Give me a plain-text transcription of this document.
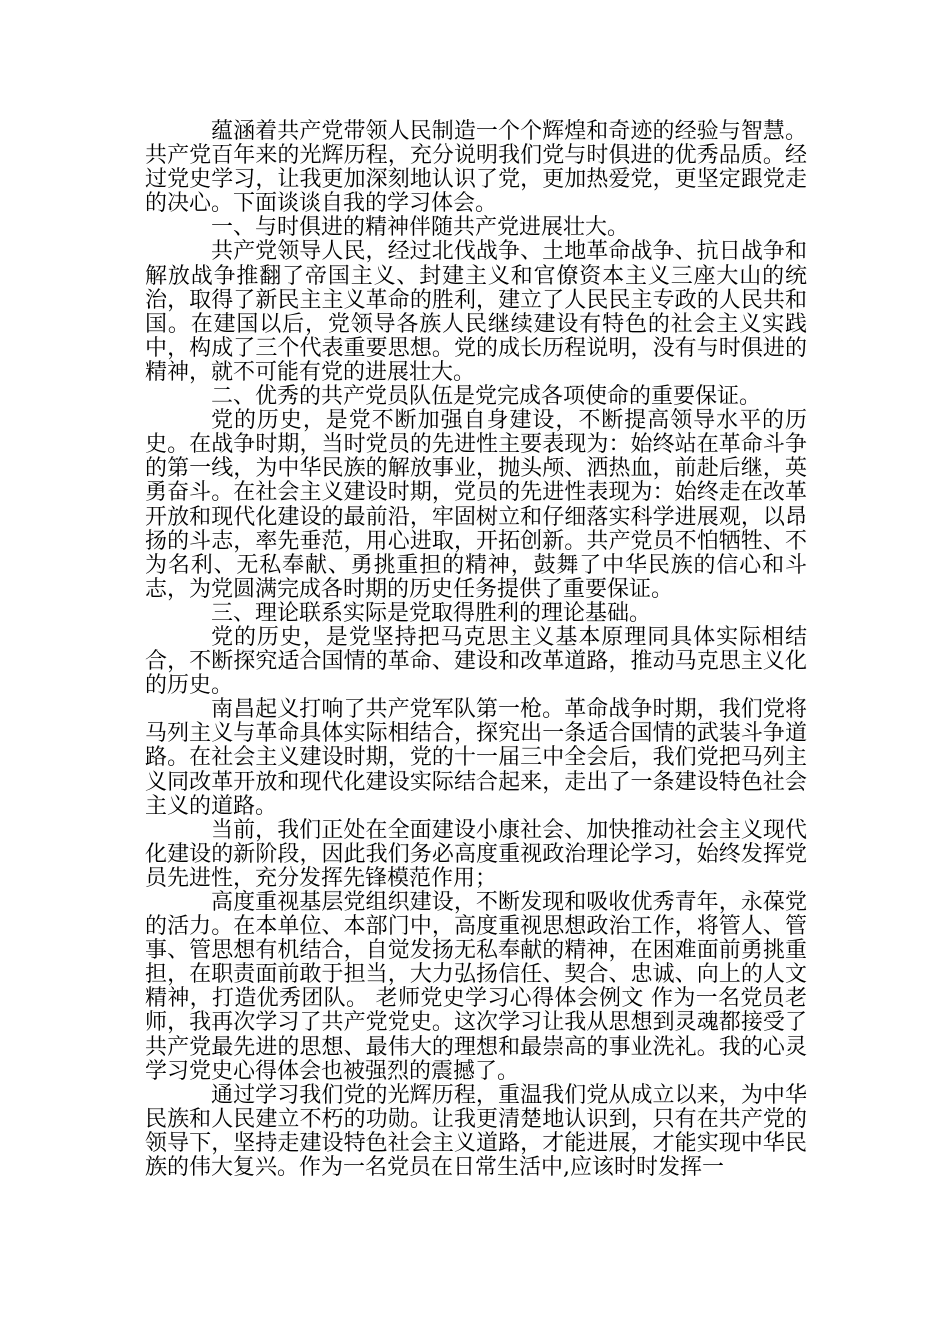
蕴涵着共产党带领人民制造一个个辉煌和奇迹的经验与智慧。共产党百年来的光辉历程，充分说明我们党与时俱进的优秀品质。经过党史学习，让我更加深刻地认识了党，更加热爱党，更坚定跟党走的决心。下面谈谈自我的学习体会。

一、与时俱进的精神伴随共产党进展壮大。

共产党领导人民，经过北伐战争、土地革命战争、抗日战争和解放战争推翻了帝国主义、封建主义和官僚资本主义三座大山的统治，取得了新民主主义革命的胜利，建立了人民民主专政的人民共和国。在建国以后，党领导各族人民继续建设有特色的社会主义实践中，构成了三个代表重要思想。党的成长历程说明，没有与时俱进的精神，就不可能有党的进展壮大。

二、优秀的共产党员队伍是党完成各项使命的重要保证。

党的历史，是党不断加强自身建设，不断提高领导水平的历史。在战争时期，当时党员的先进性主要表现为：始终站在革命斗争的第一线，为中华民族的解放事业，抛头颅、洒热血，前赴后继，英勇奋斗。在社会主义建设时期，党员的先进性表现为：始终走在改革开放和现代化建设的最前沿，牢固树立和仔细落实科学进展观，以昂扬的斗志，率先垂范，用心进取，开拓创新。共产党员不怕牺牲、不为名利、无私奉献、勇挑重担的精神，鼓舞了中华民族的信心和斗志，为党圆满完成各时期的历史任务提供了重要保证。

三、理论联系实际是党取得胜利的理论基础。

党的历史，是党坚持把马克思主义基本原理同具体实际相结合，不断探究适合国情的革命、建设和改革道路，推动马克思主义化的历史。

南昌起义打响了共产党军队第一枪。革命战争时期，我们党将马列主义与革命具体实际相结合，探究出一条适合国情的武装斗争道路。在社会主义建设时期，党的十一届三中全会后，我们党把马列主义同改革开放和现代化建设实际结合起来，走出了一条建设特色社会主义的道路。

当前，我们正处在全面建设小康社会、加快推动社会主义现代化建设的新阶段，因此我们务必高度重视政治理论学习，始终发挥党员先进性，充分发挥先锋模范作用；

高度重视基层党组织建设，不断发现和吸收优秀青年，永葆党的活力。在本单位、本部门中，高度重视思想政治工作，将管人、管事、管思想有机结合，自觉发扬无私奉献的精神，在困难面前勇挑重担，在职责面前敢于担当，大力弘扬信任、契合、忠诚、向上的人文精神，打造优秀团队。 老师党史学习心得体会例文 作为一名党员老师，我再次学习了共产党党史。这次学习让我从思想到灵魂都接受了共产党最先进的思想、最伟大的理想和最崇高的事业洗礼。我的心灵学习党史心得体会也被强烈的震撼了。

通过学习我们党的光辉历程，重温我们党从成立以来，为中华民族和人民建立不朽的功勋。让我更清楚地认识到，只有在共产党的领导下，坚持走建设特色社会主义道路，才能进展，才能实现中华民族的伟大复兴。作为一名党员在日常生活中,应该时时发挥一
